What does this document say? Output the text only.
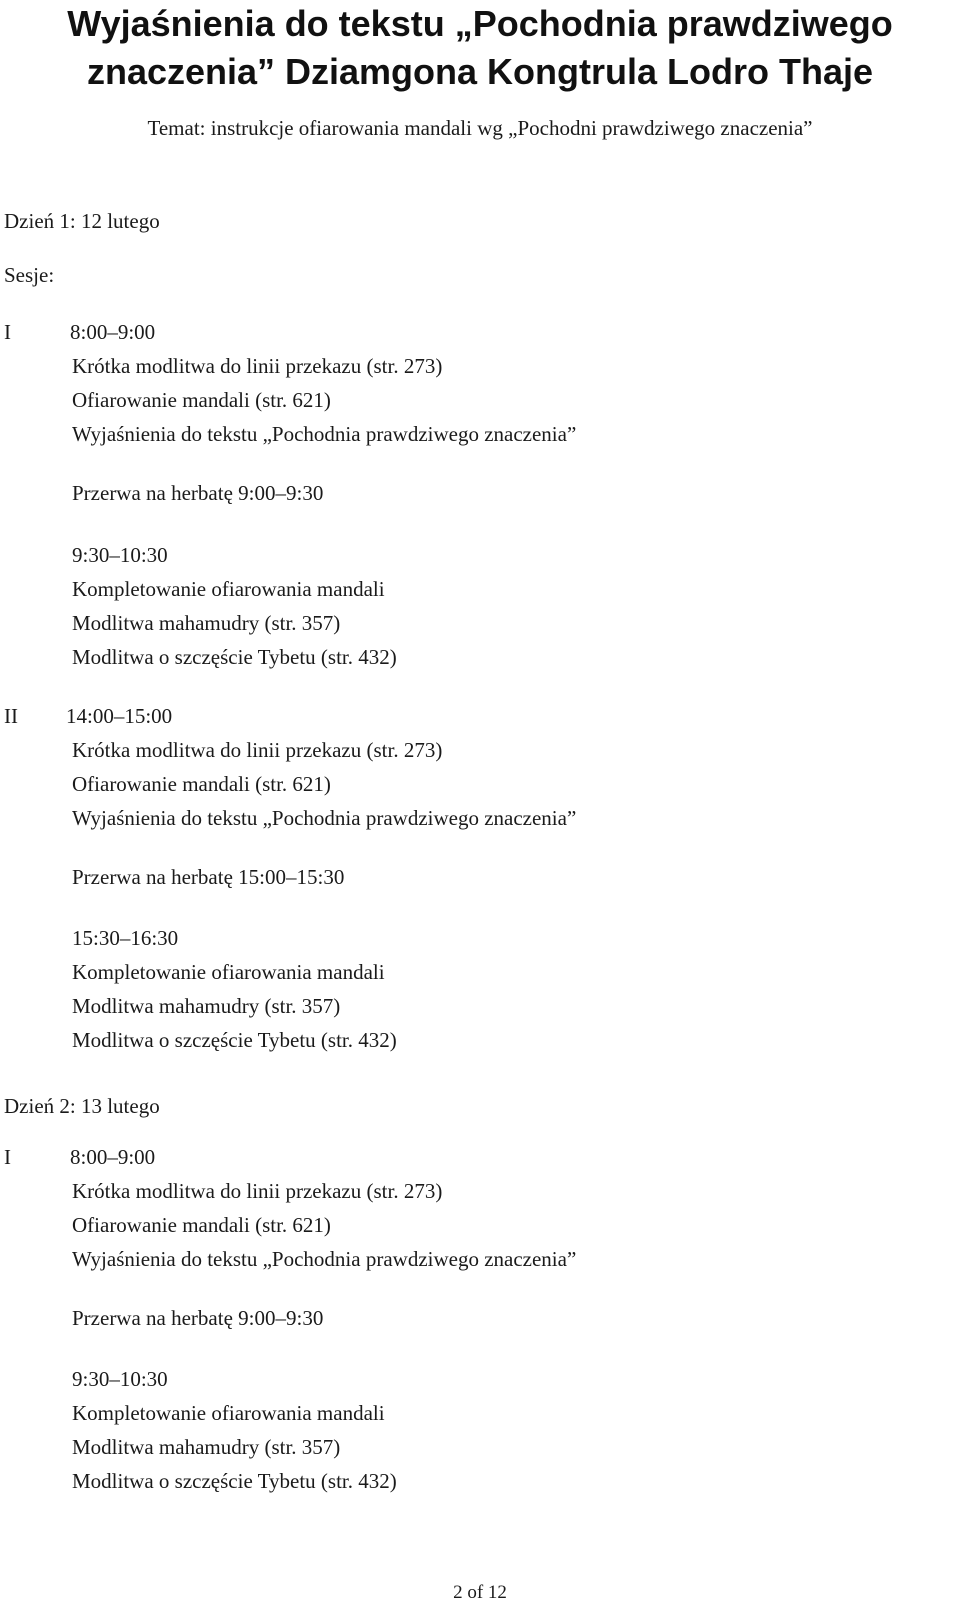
Wyjaśnienia do tekstu „Pochodnia prawdziwego
znaczenia” Dziamgona Kongtrula Lodro Thaje
Temat: instrukcje ofiarowania mandali wg „Pochodni prawdziwego znaczenia”
Dzień 1: 12 lutego
Sesje:
I	8:00–9:00
Krótka modlitwa do linii przekazu (str. 273)
Ofiarowanie mandali (str. 621)
Wyjaśnienia do tekstu „Pochodnia prawdziwego znaczenia”
Przerwa na herbatę 9:00–9:30
9:30–10:30
Kompletowanie ofiarowania mandali
Modlitwa mahamudry (str. 357)
Modlitwa o szczęście Tybetu (str. 432)
II 14:00–15:00
Krótka modlitwa do linii przekazu (str. 273)
Ofiarowanie mandali (str. 621)
Wyjaśnienia do tekstu „Pochodnia prawdziwego znaczenia”
Przerwa na herbatę 15:00–15:30
15:30–16:30
Kompletowanie ofiarowania mandali
Modlitwa mahamudry (str. 357)
Modlitwa o szczęście Tybetu (str. 432)
Dzień 2: 13 lutego
I	8:00–9:00
Krótka modlitwa do linii przekazu (str. 273)
Ofiarowanie mandali (str. 621)
Wyjaśnienia do tekstu „Pochodnia prawdziwego znaczenia”
Przerwa na herbatę 9:00–9:30
9:30–10:30
Kompletowanie ofiarowania mandali
Modlitwa mahamudry (str. 357)
Modlitwa o szczęście Tybetu (str. 432)
2 of 12
